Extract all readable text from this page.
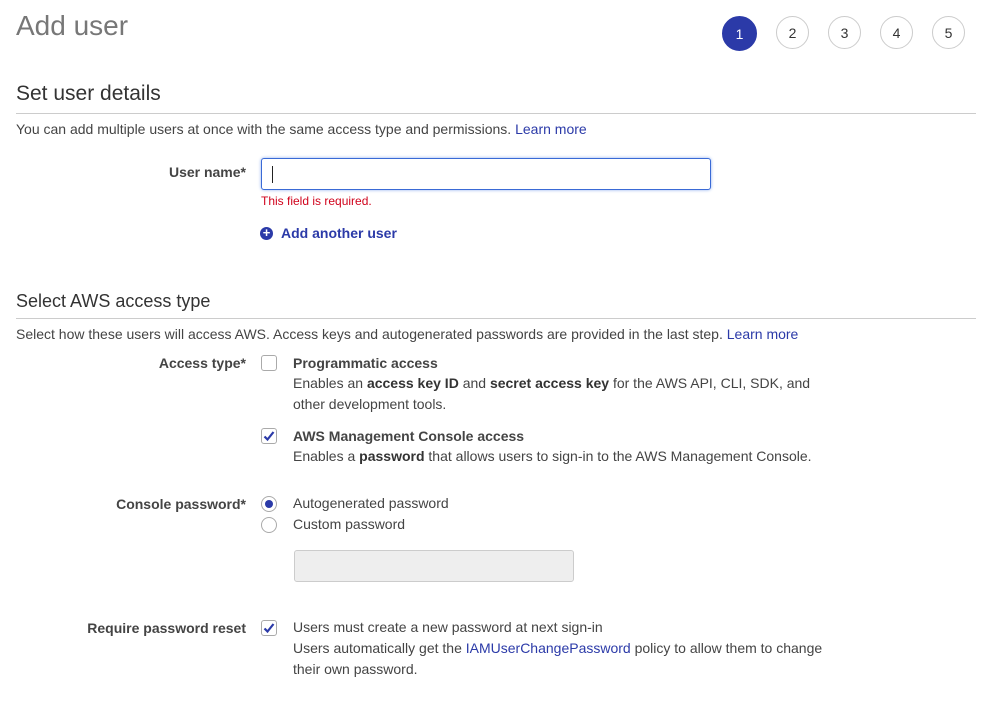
Add user	1	2	3	4	5
Set user details
You can add multiple users at once with the same access type and permissions. Learn more
User name*
This field is required.
+ Add another user
Select AWS access type
Select how these users will access AWS. Access keys and autogenerated passwords are provided in the last step. Learn more
Access type*	Programmatic access
Enables an access key ID and secret access key for the AWS API, CLI, SDK, and other development tools.
AWS Management Console access
Enables a password that allows users to sign-in to the AWS Management Console.
Console password*	Autogenerated password
Custom password
Require password reset	Users must create a new password at next sign-in
Users automatically get the IAMUserChangePassword policy to allow them to change their own password.
